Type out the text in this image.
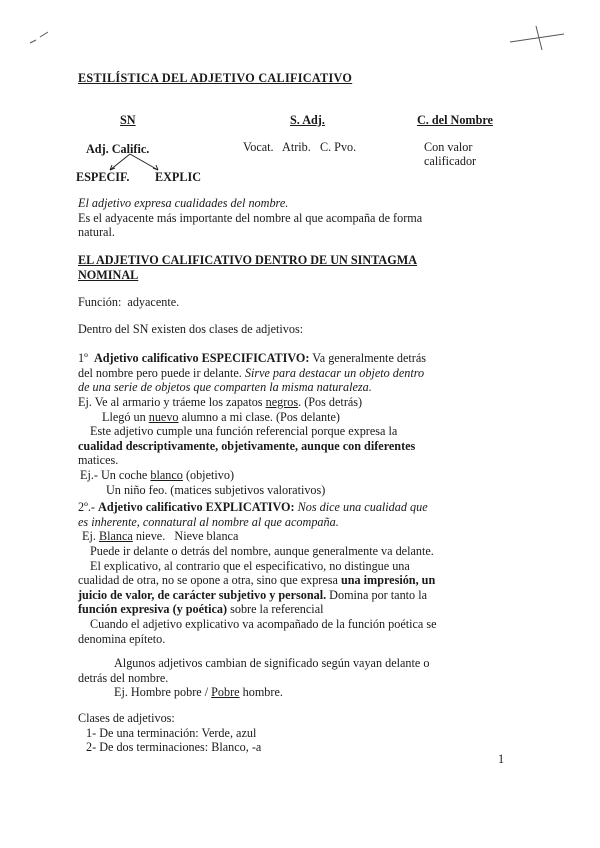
ESTILÍSTICA DEL ADJETIVO CALIFICATIVO
SN	S. Adj.	C. del Nombre
Adj. Calific.	Vocat.   Atrib.   C. Pvo.	Con valor
calificador
ESPECIF. EXPLIC
El adjetivo expresa cualidades del nombre.
Es el adyacente más importante del nombre al que acompaña de forma
natural.
EL ADJETIVO CALIFICATIVO DENTRO DE UN SINTAGMA
NOMINAL
Función:  adyacente.
Dentro del SN existen dos clases de adjetivos:
1º Adjetivo calificativo ESPECIFICATIVO: Va generalmente detrás
del nombre pero puede ir delante. Sirve para destacar un objeto dentro
de una serie de objetos que comparten la misma naturaleza.
Ej. Ve al armario y tráeme los zapatos negros. (Pos detrás)
Llegó un nuevo alumno a mi clase. (Pos delante)
Este adjetivo cumple una función referencial porque expresa la
cualidad descriptivamente, objetivamente, aunque con diferentes
matices.
Ej.- Un coche blanco (objetivo)
Un niño feo. (matices subjetivos valorativos)
2º.- Adjetivo calificativo EXPLICATIVO: Nos dice una cualidad que
es inherente, connatural al nombre al que acompaña.
Ej. Blanca nieve.   Nieve blanca
Puede ir delante o detrás del nombre, aunque generalmente va delante.
El explicativo, al contrario que el especificativo, no distingue una
cualidad de otra, no se opone a otra, sino que expresa una impresión, un
juicio de valor, de carácter subjetivo y personal. Domina por tanto la
función expresiva (y poética) sobre la referencial
Cuando el adjetivo explicativo va acompañado de la función poética se
denomina epíteto.
Algunos adjetivos cambian de significado según vayan delante o
detrás del nombre.
Ej. Hombre pobre / Pobre hombre.
Clases de adjetivos:
1- De una terminación: Verde, azul
2- De dos terminaciones: Blanco, -a
1
